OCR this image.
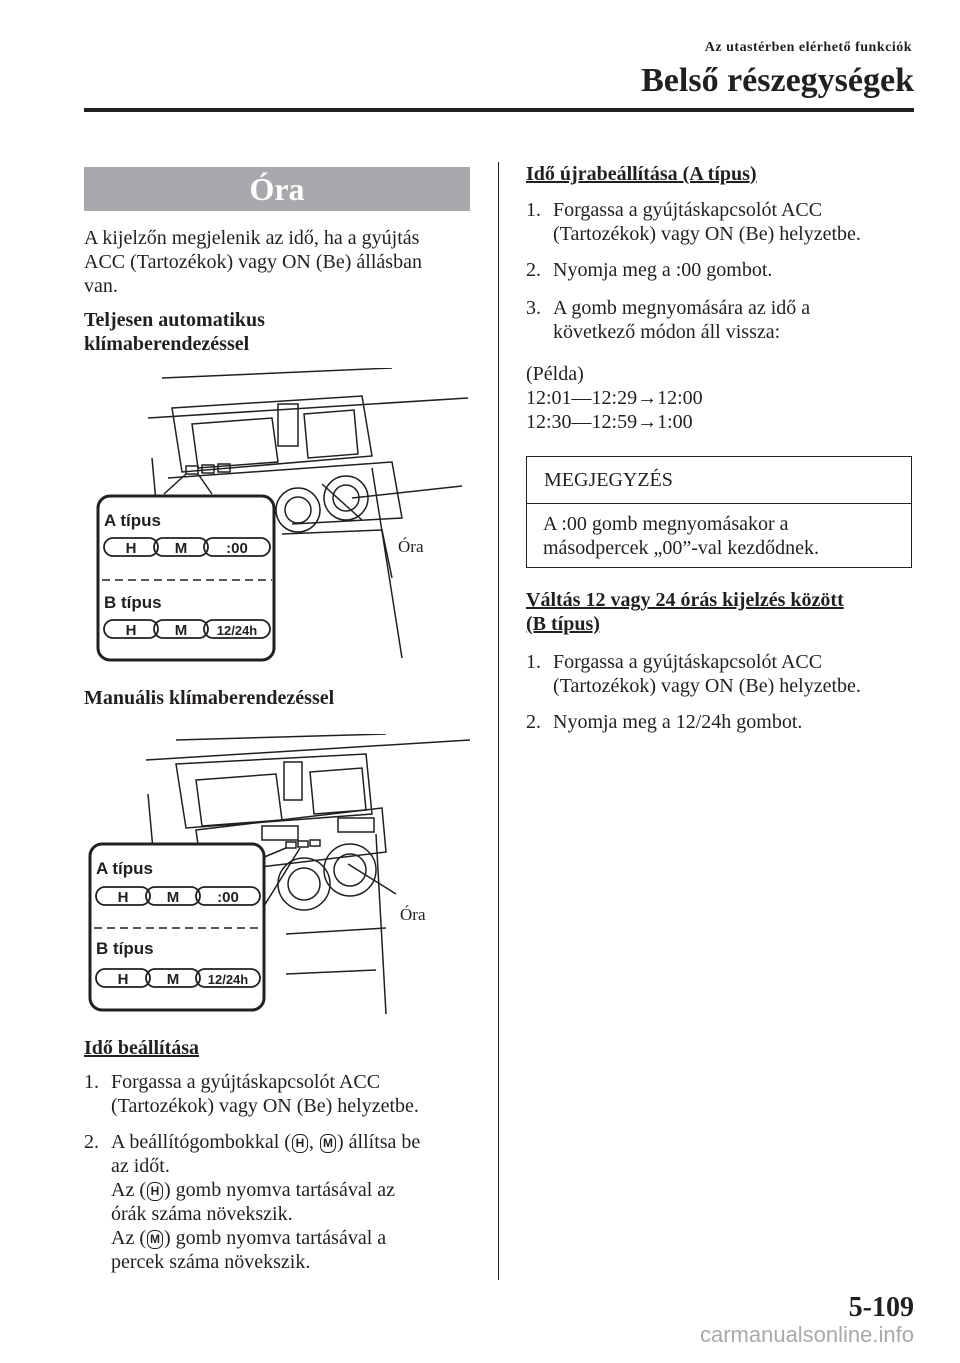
Az utastérben elérhető funkciók
Belső részegységek
Óra

A kijelzőn megjelenik az idő, ha a gyújtás

ACC (Tartozékok) vagy ON (Be) állásban

van.

Teljesen automatikus

klímaberendezéssel

A típus
H	M	:00
B típus
H	M 12/24h
Óra

Manuális klímaberendezéssel

A típus
H	M	:00
B típus
H	M 12/24h
Óra

Idő beállítása

1. Forgassa a gyújtáskapcsolót ACC
(Tartozékok) vagy ON (Be) helyzetbe.
2. A beállítógombokkal ( H , M ) állítsa be
az időt.
Az ( H ) gomb nyomva tartásával az
órák száma növekszik.
Az ( M ) gomb nyomva tartásával a
percek száma növekszik.

Idő újrabeállítása (A típus)

1. Forgassa a gyújtáskapcsolót ACC
(Tartozékok) vagy ON (Be) helyzetbe.
2. Nyomja meg a :00 gombot.
3. A gomb megnyomására az idő a
következő módon áll vissza:

(Példa)

12:01—12:29→12:00

12:30—12:59→1:00

MEGJEGYZÉS
A :00 gomb megnyomásakor a
másodpercek „00”-val kezdődnek.

Váltás 12 vagy 24 órás kijelzés között

(B típus)

1. Forgassa a gyújtáskapcsolót ACC
(Tartozékok) vagy ON (Be) helyzetbe.
2. Nyomja meg a 12/24h gombot.
5-109
carmanualsonline.info
